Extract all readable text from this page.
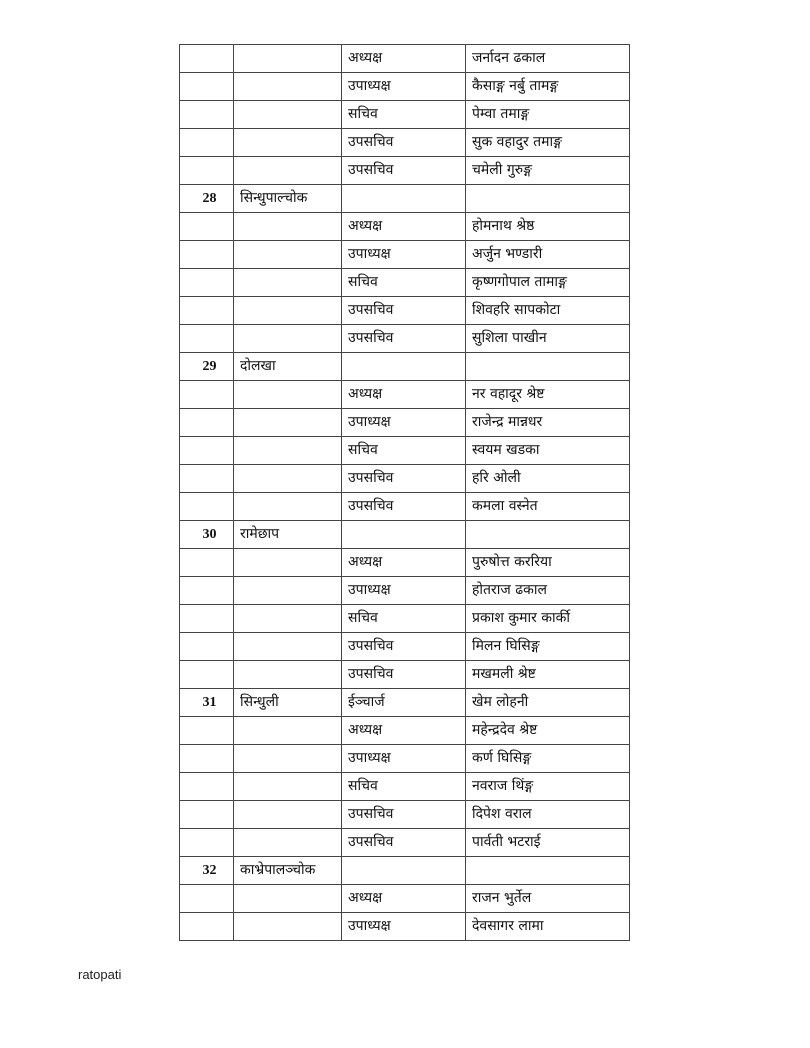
		अध्यक्ष	जर्नादन ढकाल
		उपाध्यक्ष	कैसाङ्ग नर्बु तामङ्ग
		सचिव	पेम्वा तमाङ्ग
		उपसचिव	सुक वहादुर तमाङ्ग
		उपसचिव	चमेली गुरुङ्ग
28	सिन्धुपाल्चोक		
		अध्यक्ष	होमनाथ श्रेष्ठ
		उपाध्यक्ष	अर्जुन भण्डारी
		सचिव	कृष्णगोपाल तामाङ्ग
		उपसचिव	शिवहरि सापकोटा
		उपसचिव	सुशिला पाखीन
29	दोलखा		
		अध्यक्ष	नर वहादूर श्रेष्ट
		उपाध्यक्ष	राजेन्द्र मान्नधर
		सचिव	स्वयम खडका
		उपसचिव	हरि ओली
		उपसचिव	कमला वस्नेत
30	रामेछाप		
		अध्यक्ष	पुरुषोत्त कररिया
		उपाध्यक्ष	होतराज ढकाल
		सचिव	प्रकाश कुमार कार्की
		उपसचिव	मिलन घिसिङ्ग
		उपसचिव	मखमली श्रेष्ट
31	सिन्धुली	ईञ्चार्ज	खेम लोहनी
		अध्यक्ष	महेन्द्रदेव श्रेष्ट
		उपाध्यक्ष	कर्ण घिसिङ्ग
		सचिव	नवराज थिंङ्ग
		उपसचिव	दिपेश वराल
		उपसचिव	पार्वती भटराई
32	काभ्रेपालञ्चोक		
		अध्यक्ष	राजन भुर्तेल
		उपाध्यक्ष	देवसागर लामा
ratopati
